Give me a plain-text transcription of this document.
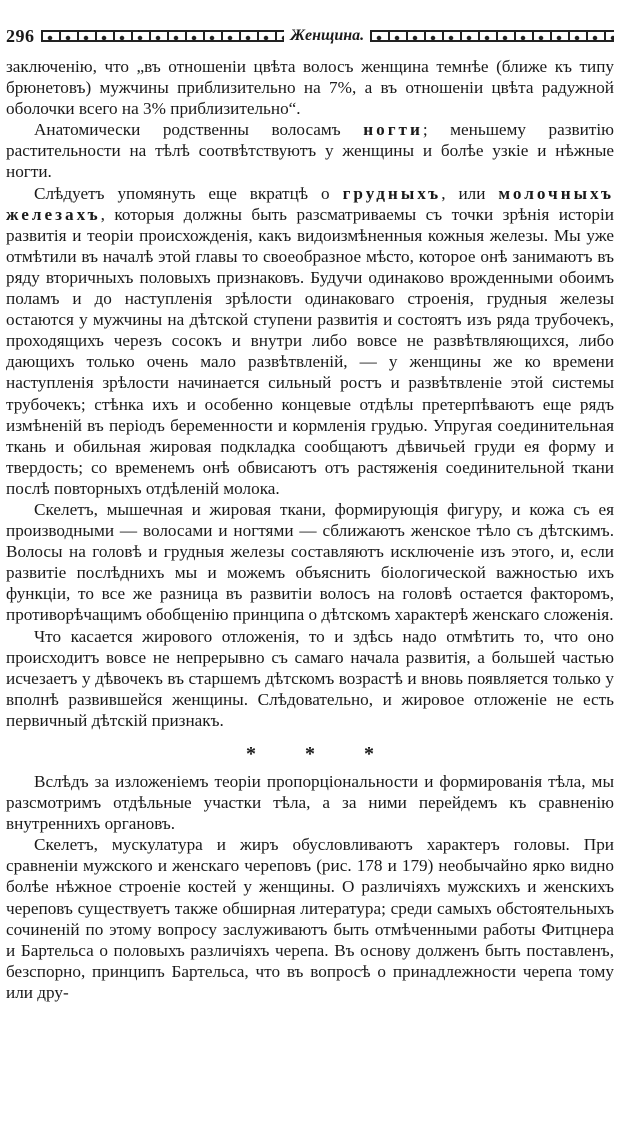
296	Женщина.

заключенію, что „въ отношеніи цвѣта волосъ женщина темнѣе (ближе къ типу брюнетовъ) мужчины приблизительно на 7%, а въ отношеніи цвѣта радужной оболочки всего на 3% приблизительно“.

Анатомически родственны волосамъ ногти; меньшему развитію растительности на тѣлѣ соотвѣтствуютъ у женщины и болѣе узкіе и нѣжные ногти.

Слѣдуетъ упомянуть еще вкратцѣ о грудныхъ, или молочныхъ железахъ, которыя должны быть разсматриваемы съ точки зрѣнія исторіи развитія и теоріи происхожденія, какъ видоизмѣненныя кожныя железы. Мы уже отмѣтили въ началѣ этой главы то своеобразное мѣсто, которое онѣ занимаютъ въ ряду вторичныхъ половыхъ признаковъ. Будучи одинаково врожденными обоимъ поламъ и до наступленія зрѣлости одинаковаго строенія, грудныя железы остаются у мужчины на дѣтской ступени развитія и состоятъ изъ ряда трубочекъ, проходящихъ черезъ сосокъ и внутри либо вовсе не развѣтвляющихся, либо дающихъ только очень мало развѣтвленій, — у женщины же ко времени наступленія зрѣлости начинается сильный ростъ и развѣтвленіе этой системы трубочекъ; стѣнка ихъ и особенно концевые отдѣлы претерпѣваютъ еще рядъ измѣненій въ періодъ беременности и кормленія грудью. Упругая соединительная ткань и обильная жировая подкладка сообщаютъ дѣвичьей груди ея форму и твердость; со временемъ онѣ обвисаютъ отъ растяженія соединительной ткани послѣ повторныхъ отдѣленій молока.

Скелетъ, мышечная и жировая ткани, формирующія фигуру, и кожа съ ея производными — волосами и ногтями — сближаютъ женское тѣло съ дѣтскимъ. Волосы на головѣ и грудныя железы составляютъ исключеніе изъ этого, и, если развитіе послѣднихъ мы и можемъ объяснить біологической важностью ихъ функціи, то все же разница въ развитіи волосъ на головѣ остается факторомъ, противорѣчащимъ обобщенію принципа о дѣтскомъ характерѣ женскаго сложенія.

Что касается жирового отложенія, то и здѣсь надо отмѣтить то, что оно происходитъ вовсе не непрерывно съ самаго начала развитія, а большей частью исчезаетъ у дѣвочекъ въ старшемъ дѣтскомъ возрастѣ и вновь появляется только у вполнѣ развившейся женщины. Слѣдовательно, и жировое отложеніе не есть первичный дѣтскій признакъ.

* * *

Вслѣдъ за изложеніемъ теоріи пропорціональности и формированія тѣла, мы разсмотримъ отдѣльные участки тѣла, а за ними перейдемъ къ сравненію внутреннихъ органовъ.

Скелетъ, мускулатура и жиръ обусловливаютъ характеръ головы. При сравненіи мужского и женскаго череповъ (рис. 178 и 179) необычайно ярко видно болѣе нѣжное строеніе костей у женщины. О различіяхъ мужскихъ и женскихъ череповъ существуетъ также обширная литература; среди самыхъ обстоятельныхъ сочиненій по этому вопросу заслуживаютъ быть отмѣченными работы Фитцнера и Бартельса о половыхъ различіяхъ черепа. Въ основу долженъ быть поставленъ, безспорно, принципъ Бартельса, что въ вопросѣ о принадлежности черепа тому или дру-
